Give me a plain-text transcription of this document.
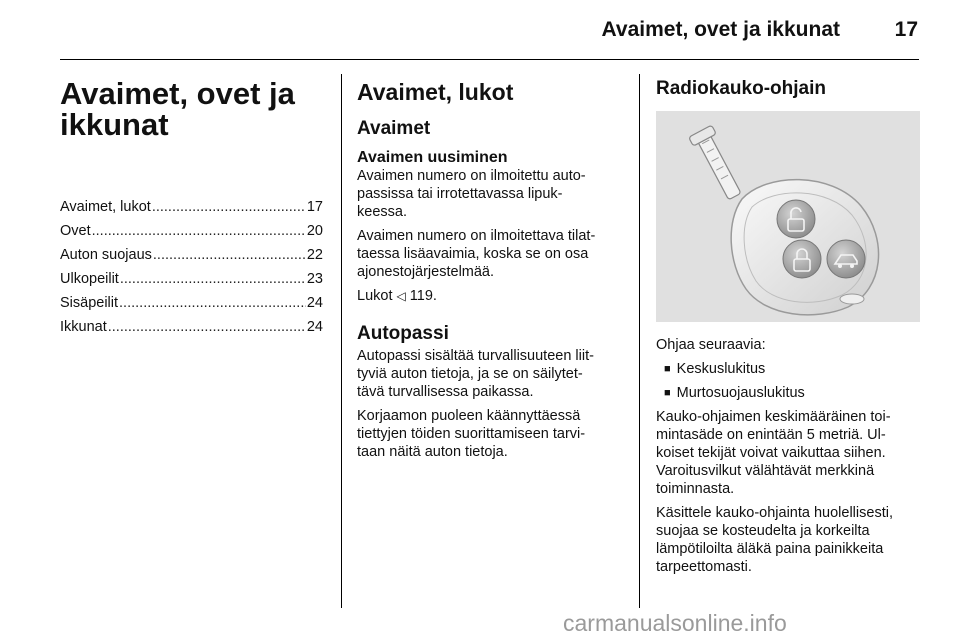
Avaimet, ovet ja ikkunat	17
Avaimet, ovet ja
ikkunat
Avaimet, lukot .....	17
Ovet .....	20
Auton suojaus .....	22
Ulkopeilit .....	23
Sisäpeilit .....	24
Ikkunat .....	24
Avaimet, lukot
Avaimet
Avaimen uusiminen
Avaimen numero on ilmoitettu auto-
passissa tai irrotettavassa lipuk-
keessa.
Avaimen numero on ilmoitettava tilat-
taessa lisäavaimia, koska se on osa
ajonestojärjestelmää.
Lukot ◁ 119.
Autopassi
Autopassi sisältää turvallisuuteen liit-
tyviä auton tietoja, ja se on säilytet-
tävä turvallisessa paikassa.
Korjaamon puoleen käännyttäessä
tiettyjen töiden suorittamiseen tarvi-
taan näitä auton tietoja.
Radiokauko-ohjain
Ohjaa seuraavia:
■ Keskuslukitus
■ Murtosuojauslukitus
Kauko-ohjaimen keskimääräinen toi-
mintasäde on enintään 5 metriä. Ul-
koiset tekijät voivat vaikuttaa siihen.
Varoitusvilkut välähtävät merkkinä
toiminnasta.
Käsittele kauko-ohjainta huolellisesti,
suojaa se kosteudelta ja korkeilta
lämpötiloilta äläkä paina painikkeita
tarpeettomasti.
carmanualsonline.info
